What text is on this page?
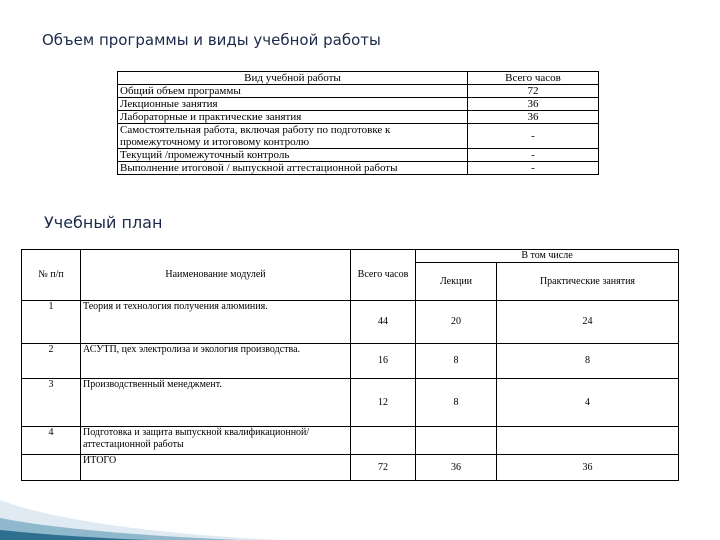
Объем программы и виды учебной работы
Вид учебной работы	Всего часов
Общий объем программы	72
Лекционные занятия	36
Лабораторные и практические занятия	36
Самостоятельная работа, включая работу по подготовке к промежуточному и итоговому контролю	-
Текущий /промежуточный контроль	-
Выполнение итоговой / выпускной аттестационной работы	-
Учебный план
№ п/п	Наименование модулей	Всего часов	В том числе	
			Лекции	Практические занятия
1	Теория и технология получения алюминия.	44	20	24
2	АСУТП, цех электролиза и экология производства.	16	8	8
3	Производственный менеджмент.	12	8	4
4	Подготовка и защита выпускной квалификационной/ аттестационной работы			
	ИТОГО	72	36	36
